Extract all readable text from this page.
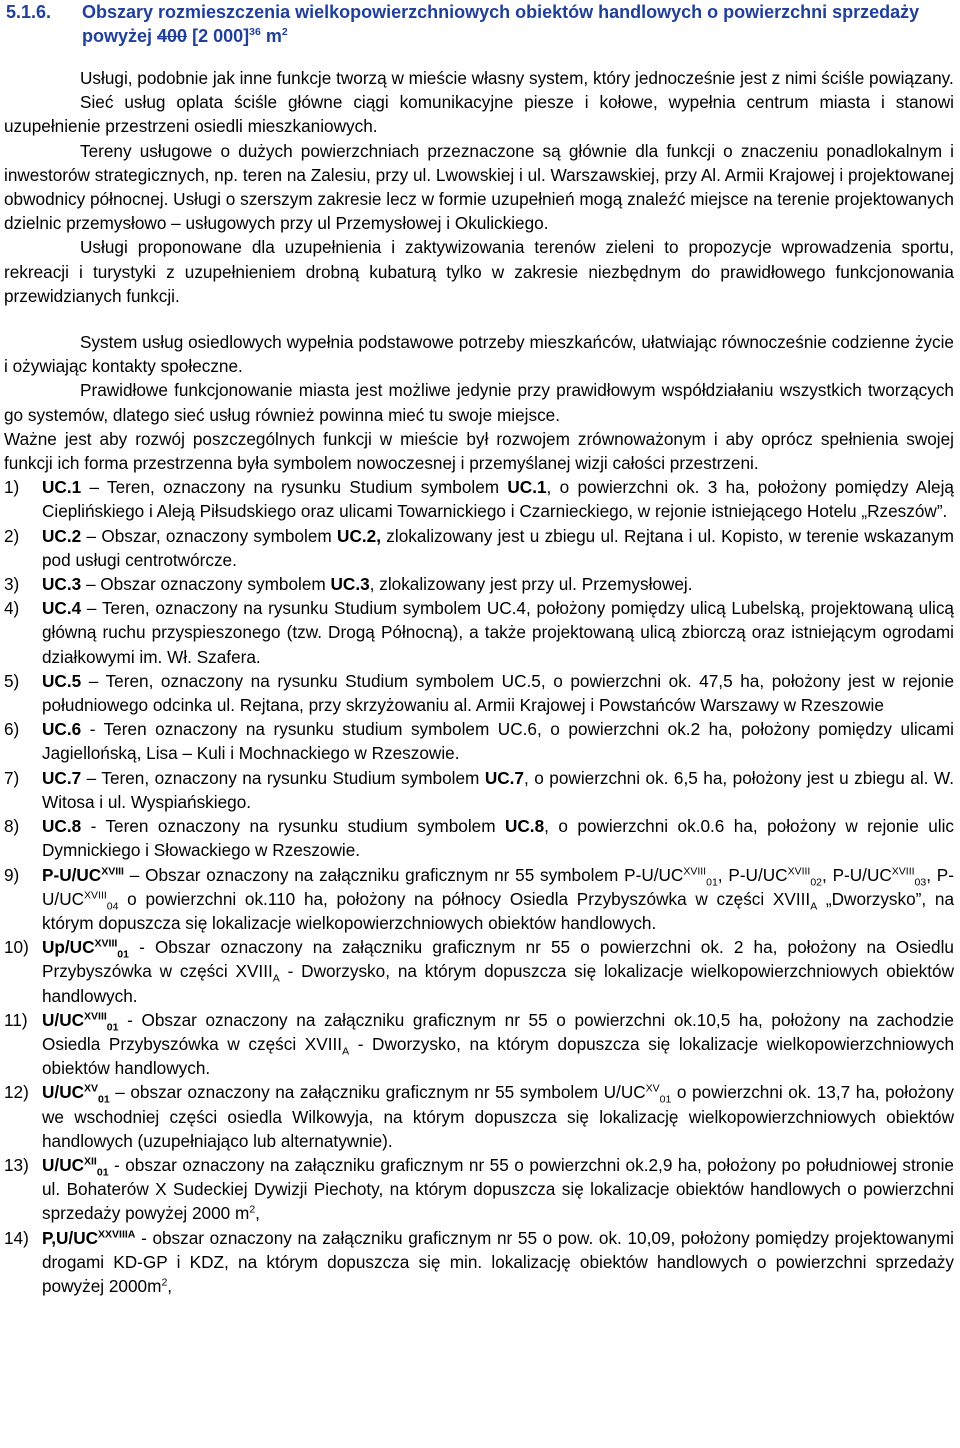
5.1.6.	Obszary rozmieszczenia wielkopowierzchniowych obiektów handlowych o powierzchni sprzedaży powyżej 400 [2 000]$^{36}$ $m^2$

Usługi, podobnie jak inne funkcje tworzą w mieście własny system, który jednocześnie jest z nimi ściśle powiązany.

Sieć usług oplata ściśle główne ciągi komunikacyjne piesze i kołowe, wypełnia centrum miasta i stanowi uzupełnienie przestrzeni osiedli mieszkaniowych.

Tereny usługowe o dużych powierzchniach przeznaczone są głównie dla funkcji o znaczeniu ponadlokalnym i inwestorów strategicznych, np. teren na Zalesiu, przy ul. Lwowskiej i ul. Warszawskiej, przy Al. Armii Krajowej i projektowanej obwodnicy północnej. Usługi o szerszym zakresie lecz w formie uzupełnień mogą znaleźć miejsce na terenie projektowanych dzielnic przemysłowo – usługowych przy ul Przemysłowej i Okulickiego.

Usługi proponowane dla uzupełnienia i zaktywizowania terenów zieleni to propozycje wprowadzenia sportu, rekreacji i turystyki z uzupełnieniem drobną kubaturą tylko w zakresie niezbędnym do prawidłowego funkcjonowania przewidzianych funkcji.

System usług osiedlowych wypełnia podstawowe potrzeby mieszkańców, ułatwiając równocześnie codzienne życie i ożywiając kontakty społeczne.

Prawidłowe funkcjonowanie miasta jest możliwe jedynie przy prawidłowym współdziałaniu wszystkich tworzących go systemów, dlatego sieć usług również powinna mieć tu swoje miejsce.

Ważne jest aby rozwój poszczególnych funkcji w mieście był rozwojem zrównoważonym i aby oprócz spełnienia swojej funkcji ich forma przestrzenna była symbolem nowoczesnej i przemyślanej wizji całości przestrzeni.

1)	UC.1 – Teren, oznaczony na rysunku Studium symbolem UC.1, o powierzchni ok. 3 ha, położony pomiędzy Aleją Cieplińskiego i Aleją Piłsudskiego oraz ulicami Towarnickiego i Czarnieckiego, w rejonie istniejącego Hotelu „Rzeszów”.
2)	UC.2 – Obszar, oznaczony symbolem UC.2, zlokalizowany jest u zbiegu ul. Rejtana i ul. Kopisto, w terenie wskazanym pod usługi centrotwórcze.
3)	UC.3 – Obszar oznaczony symbolem UC.3, zlokalizowany jest przy ul. Przemysłowej.
4)	UC.4 – Teren, oznaczony na rysunku Studium symbolem UC.4, położony pomiędzy ulicą Lubelską, projektowaną ulicą główną ruchu przyspieszonego (tzw. Drogą Północną), a także projektowaną ulicą zbiorczą oraz istniejącym ogrodami działkowymi im. Wł. Szafera.
5)	UC.5 – Teren, oznaczony na rysunku Studium symbolem UC.5, o powierzchni ok. 47,5 ha, położony jest w rejonie południowego odcinka ul. Rejtana, przy skrzyżowaniu al. Armii Krajowej i Powstańców Warszawy w Rzeszowie
6)	UC.6 - Teren oznaczony na rysunku studium symbolem UC.6, o powierzchni ok.2 ha, położony pomiędzy ulicami Jagiellońską, Lisa – Kuli i Mochnackiego w Rzeszowie.
7)	UC.7 – Teren, oznaczony na rysunku Studium symbolem UC.7, o powierzchni ok. 6,5 ha, położony jest u zbiegu al. W. Witosa i ul. Wyspiańskiego.
8)	UC.8 - Teren oznaczony na rysunku studium symbolem UC.8, o powierzchni ok.0.6 ha, położony w rejonie ulic Dymnickiego i Słowackiego w Rzeszowie.
9)	$P-U/UC^{XVIII}$ – Obszar oznaczony na załączniku graficznym nr 55 symbolem $P-U/UC^{XVIII}_{01}$, $P-U/UC^{XVIII}_{02}$, $P-U/UC^{XVIII}_{03}$, $P-U/UC^{XVIII}_{04}$ o powierzchni ok.110 ha, położony na północy Osiedla Przybyszówka w części $XVIII_A$ „Dworzysko”, na którym dopuszcza się lokalizacje wielkopowierzchniowych obiektów handlowych.
10) $Up/UC^{XVIII}_{01}$ - Obszar oznaczony na załączniku graficznym nr 55 o powierzchni ok. 2 ha, położony na Osiedlu Przybyszówka w części $XVIII_A$ - Dworzysko, na którym dopuszcza się lokalizacje wielkopowierzchniowych obiektów handlowych.
11) $U/UC^{XVIII}_{01}$ - Obszar oznaczony na załączniku graficznym nr 55 o powierzchni ok.10,5 ha, położony na zachodzie Osiedla Przybyszówka w części $XVIII_A$ - Dworzysko, na którym dopuszcza się lokalizacje wielkopowierzchniowych obiektów handlowych.
12) $U/UC^{XV}_{01}$ – obszar oznaczony na załączniku graficznym nr 55 symbolem $U/UC^{XV}_{01}$ o powierzchni ok. 13,7 ha, położony we wschodniej części osiedla Wilkowyja, na którym dopuszcza się lokalizację wielkopowierzchniowych obiektów handlowych (uzupełniająco lub alternatywnie).
13) $U/UC^{XII}_{01}$ - obszar oznaczony na załączniku graficznym nr 55 o powierzchni ok.2,9 ha, położony po południowej stronie ul. Bohaterów X Sudeckiej Dywizji Piechoty, na którym dopuszcza się lokalizacje obiektów handlowych o powierzchni sprzedaży powyżej 2000 $m^2$,
14) $P,U/UC^{XXVIIIA}$ - obszar oznaczony na załączniku graficznym nr 55 o pow. ok. 10,09, położony pomiędzy projektowanymi drogami KD-GP i KDZ, na którym dopuszcza się min. lokalizację obiektów handlowych o powierzchni sprzedaży powyżej $2000m^2$,
